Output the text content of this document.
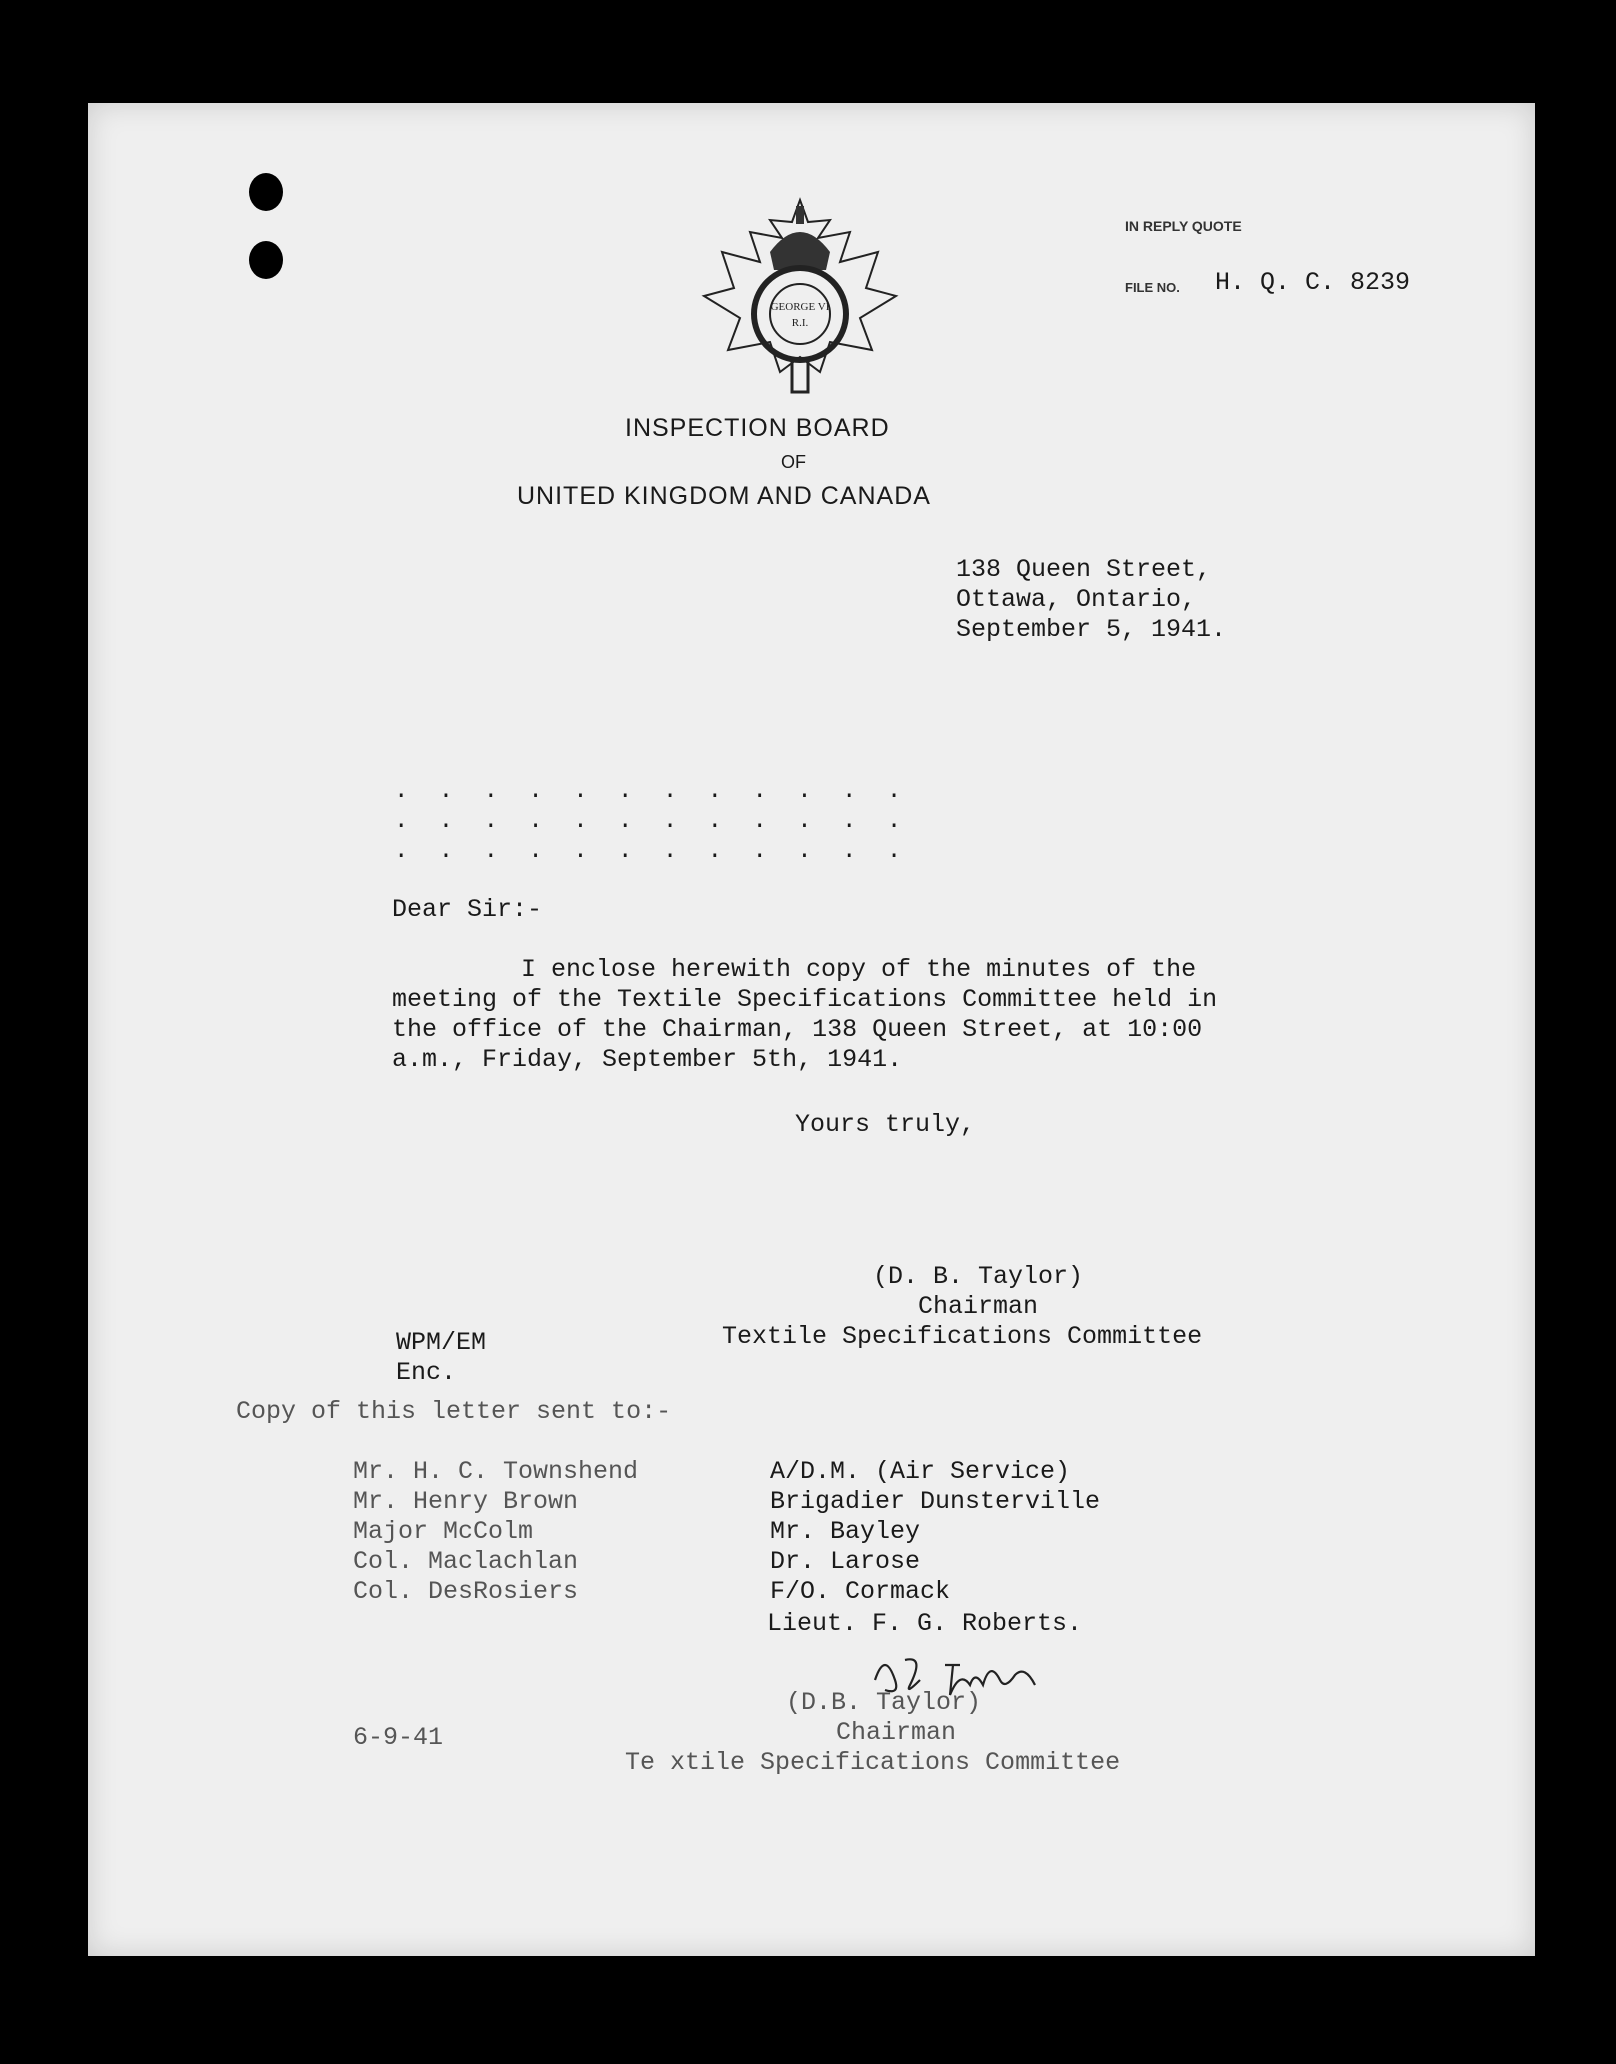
GEORGE VI
R.I.
IN REPLY QUOTE
FILE NO. H. Q. C. 8239
INSPECTION BOARD
OF
UNITED KINGDOM AND CANADA
138 Queen Street,
Ottawa, Ontario,
September 5, 1941.
. . . . . . . . . . . .
. . . . . . . . . . . .
. . . . . . . . . . . .
Dear Sir:-
I enclose herewith copy of the minutes of the
meeting of the Textile Specifications Committee held in
the office of the Chairman, 138 Queen Street, at 10:00
a.m., Friday, September 5th, 1941.
Yours truly,
(D. B. Taylor)
Chairman
Textile Specifications Committee
WPM/EM
Enc.
Copy of this letter sent to:-
Mr. H. C. Townshend
Mr. Henry Brown
Major McColm
Col. Maclachlan
Col. DesRosiers
A/D.M. (Air Service)
Brigadier Dunsterville
Mr. Bayley
Dr. Larose
F/O. Cormack
Lieut. F. G. Roberts.
(D.B. Taylor)
Chairman
Te xtile Specifications Committee
6-9-41
